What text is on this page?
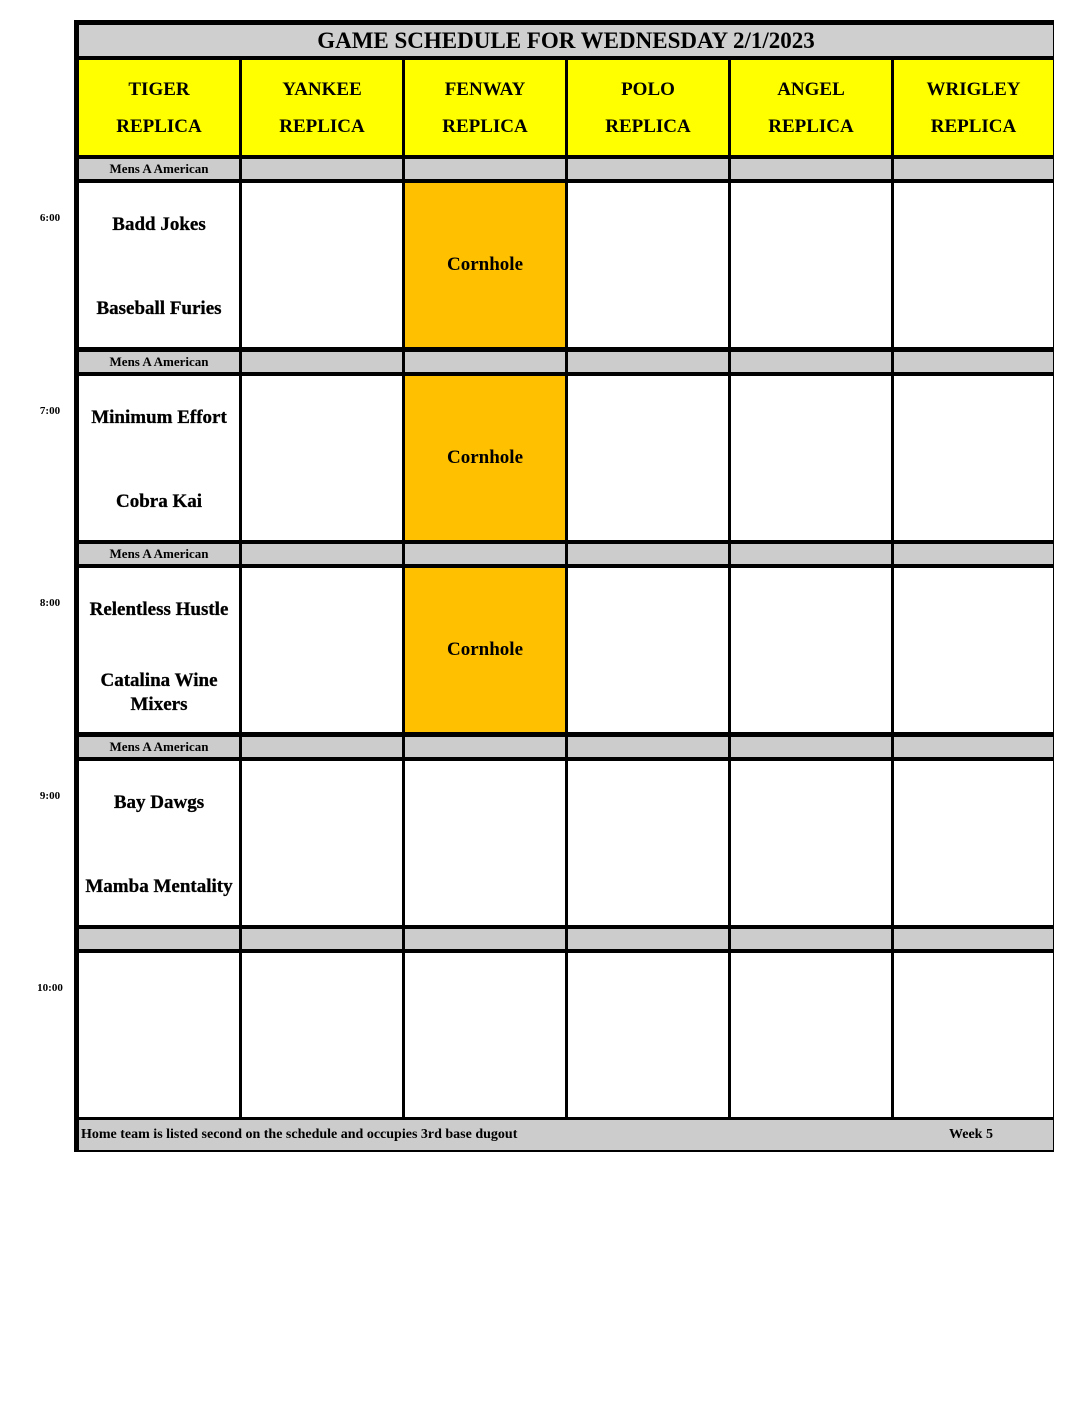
GAME SCHEDULE FOR WEDNESDAY 2/1/2023
TIGER
REPLICA
YANKEE
REPLICA
FENWAY
REPLICA
POLO
REPLICA
ANGEL
REPLICA
WRIGLEY
REPLICA
Mens A American
Badd Jokes
Baseball Furies
Cornhole
Mens A American
Minimum Effort
Cobra Kai
Cornhole
Mens A American
Relentless Hustle
Catalina Wine Mixers
Cornhole
Mens A American
Bay Dawgs
Mamba Mentality
Home team is listed second on the schedule and occupies 3rd base dugout	Week 5
6:00
7:00
8:00
9:00
10:00
